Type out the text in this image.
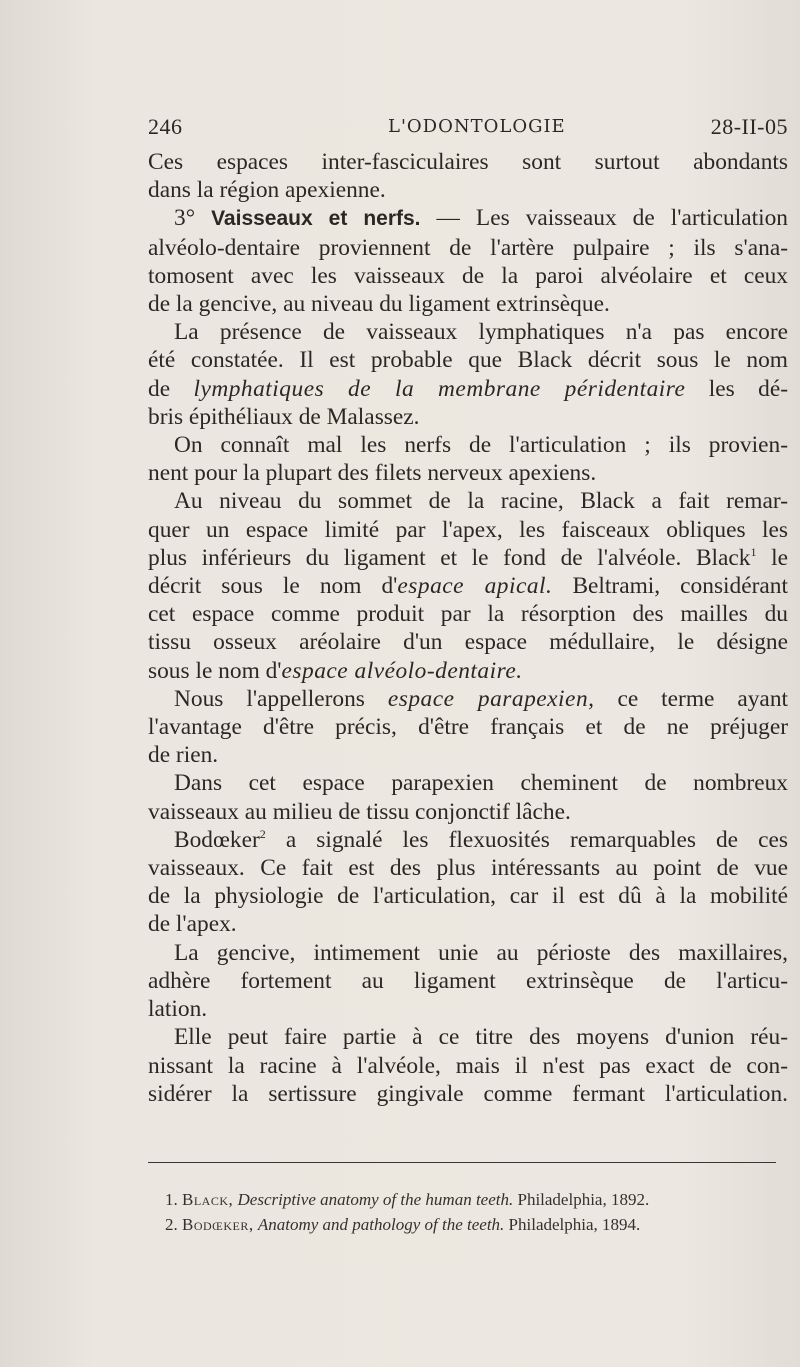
246	L'ODONTOLOGIE	28-II-05

Ces espaces inter-fasciculaires sont surtout abondants

dans la région apexienne.

3° Vaisseaux et nerfs. — Les vaisseaux de l'articulation

alvéolo-dentaire proviennent de l'artère pulpaire ; ils s'ana-

tomosent avec les vaisseaux de la paroi alvéolaire et ceux

de la gencive, au niveau du ligament extrinsèque.

La présence de vaisseaux lymphatiques n'a pas encore

été constatée. Il est probable que Black décrit sous le nom

de lymphatiques de la membrane péridentaire les dé-

bris épithéliaux de Malassez.

On connaît mal les nerfs de l'articulation ; ils provien-

nent pour la plupart des filets nerveux apexiens.

Au niveau du sommet de la racine, Black a fait remar-

quer un espace limité par l'apex, les faisceaux obliques les

plus inférieurs du ligament et le fond de l'alvéole. Black$^1$ le

décrit sous le nom d'espace apical. Beltrami, considérant

cet espace comme produit par la résorption des mailles du

tissu osseux aréolaire d'un espace médullaire, le désigne

sous le nom d'espace alvéolo-dentaire.

Nous l'appellerons espace parapexien, ce terme ayant

l'avantage d'être précis, d'être français et de ne préjuger

de rien.

Dans cet espace parapexien cheminent de nombreux

vaisseaux au milieu de tissu conjonctif lâche.

Bodœker$^2$ a signalé les flexuosités remarquables de ces

vaisseaux. Ce fait est des plus intéressants au point de vue

de la physiologie de l'articulation, car il est dû à la mobilité

de l'apex.

La gencive, intimement unie au périoste des maxillaires,

adhère fortement au ligament extrinsèque de l'articu-

lation.

Elle peut faire partie à ce titre des moyens d'union réu-

nissant la racine à l'alvéole, mais il n'est pas exact de con-

sidérer la sertissure gingivale comme fermant l'articulation.

1. Black, Descriptive anatomy of the human teeth. Philadelphia, 1892.
2. Bodœker, Anatomy and pathology of the teeth. Philadelphia, 1894.
